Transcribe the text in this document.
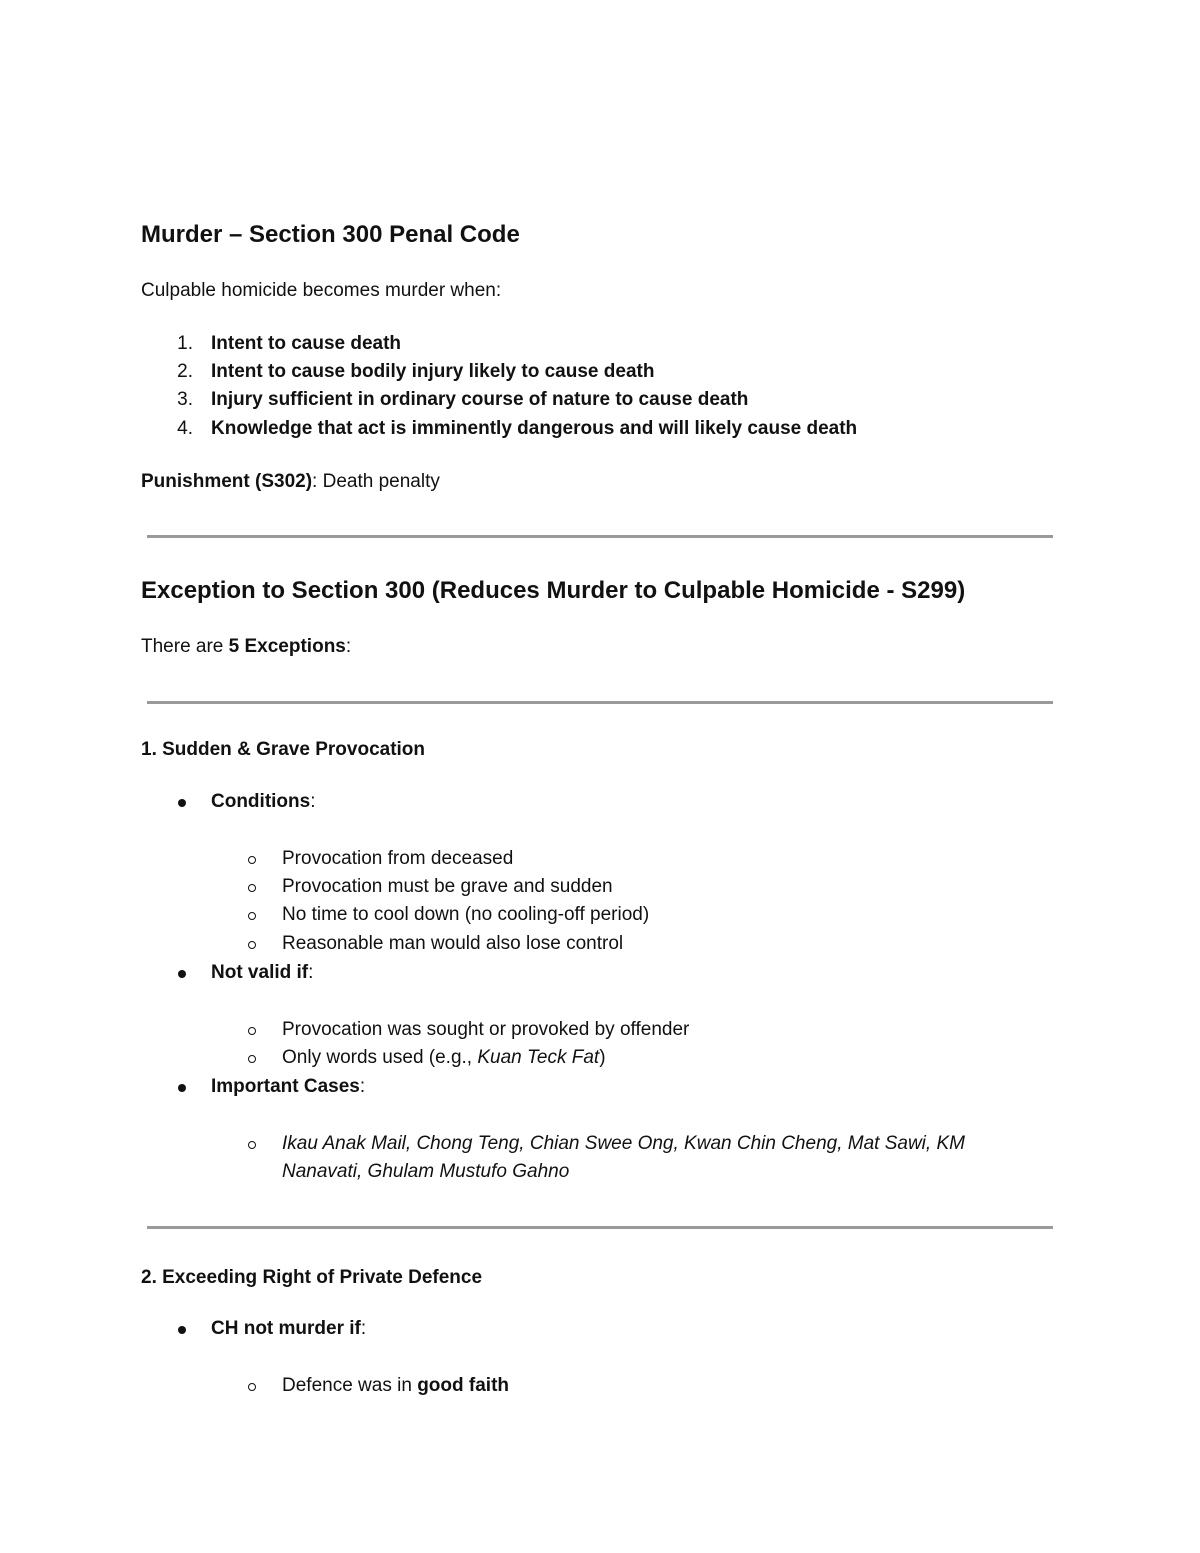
Murder – Section 300 Penal Code
Culpable homicide becomes murder when:
1. Intent to cause death
2. Intent to cause bodily injury likely to cause death
3. Injury sufficient in ordinary course of nature to cause death
4. Knowledge that act is imminently dangerous and will likely cause death
Punishment (S302): Death penalty
Exception to Section 300 (Reduces Murder to Culpable Homicide - S299)
There are 5 Exceptions:
1. Sudden & Grave Provocation
Conditions:
Provocation from deceased
Provocation must be grave and sudden
No time to cool down (no cooling-off period)
Reasonable man would also lose control
Not valid if:
Provocation was sought or provoked by offender
Only words used (e.g., Kuan Teck Fat)
Important Cases:
Ikau Anak Mail, Chong Teng, Chian Swee Ong, Kwan Chin Cheng, Mat Sawi, KM
Nanavati, Ghulam Mustufo Gahno
2. Exceeding Right of Private Defence
CH not murder if:
Defence was in good faith
